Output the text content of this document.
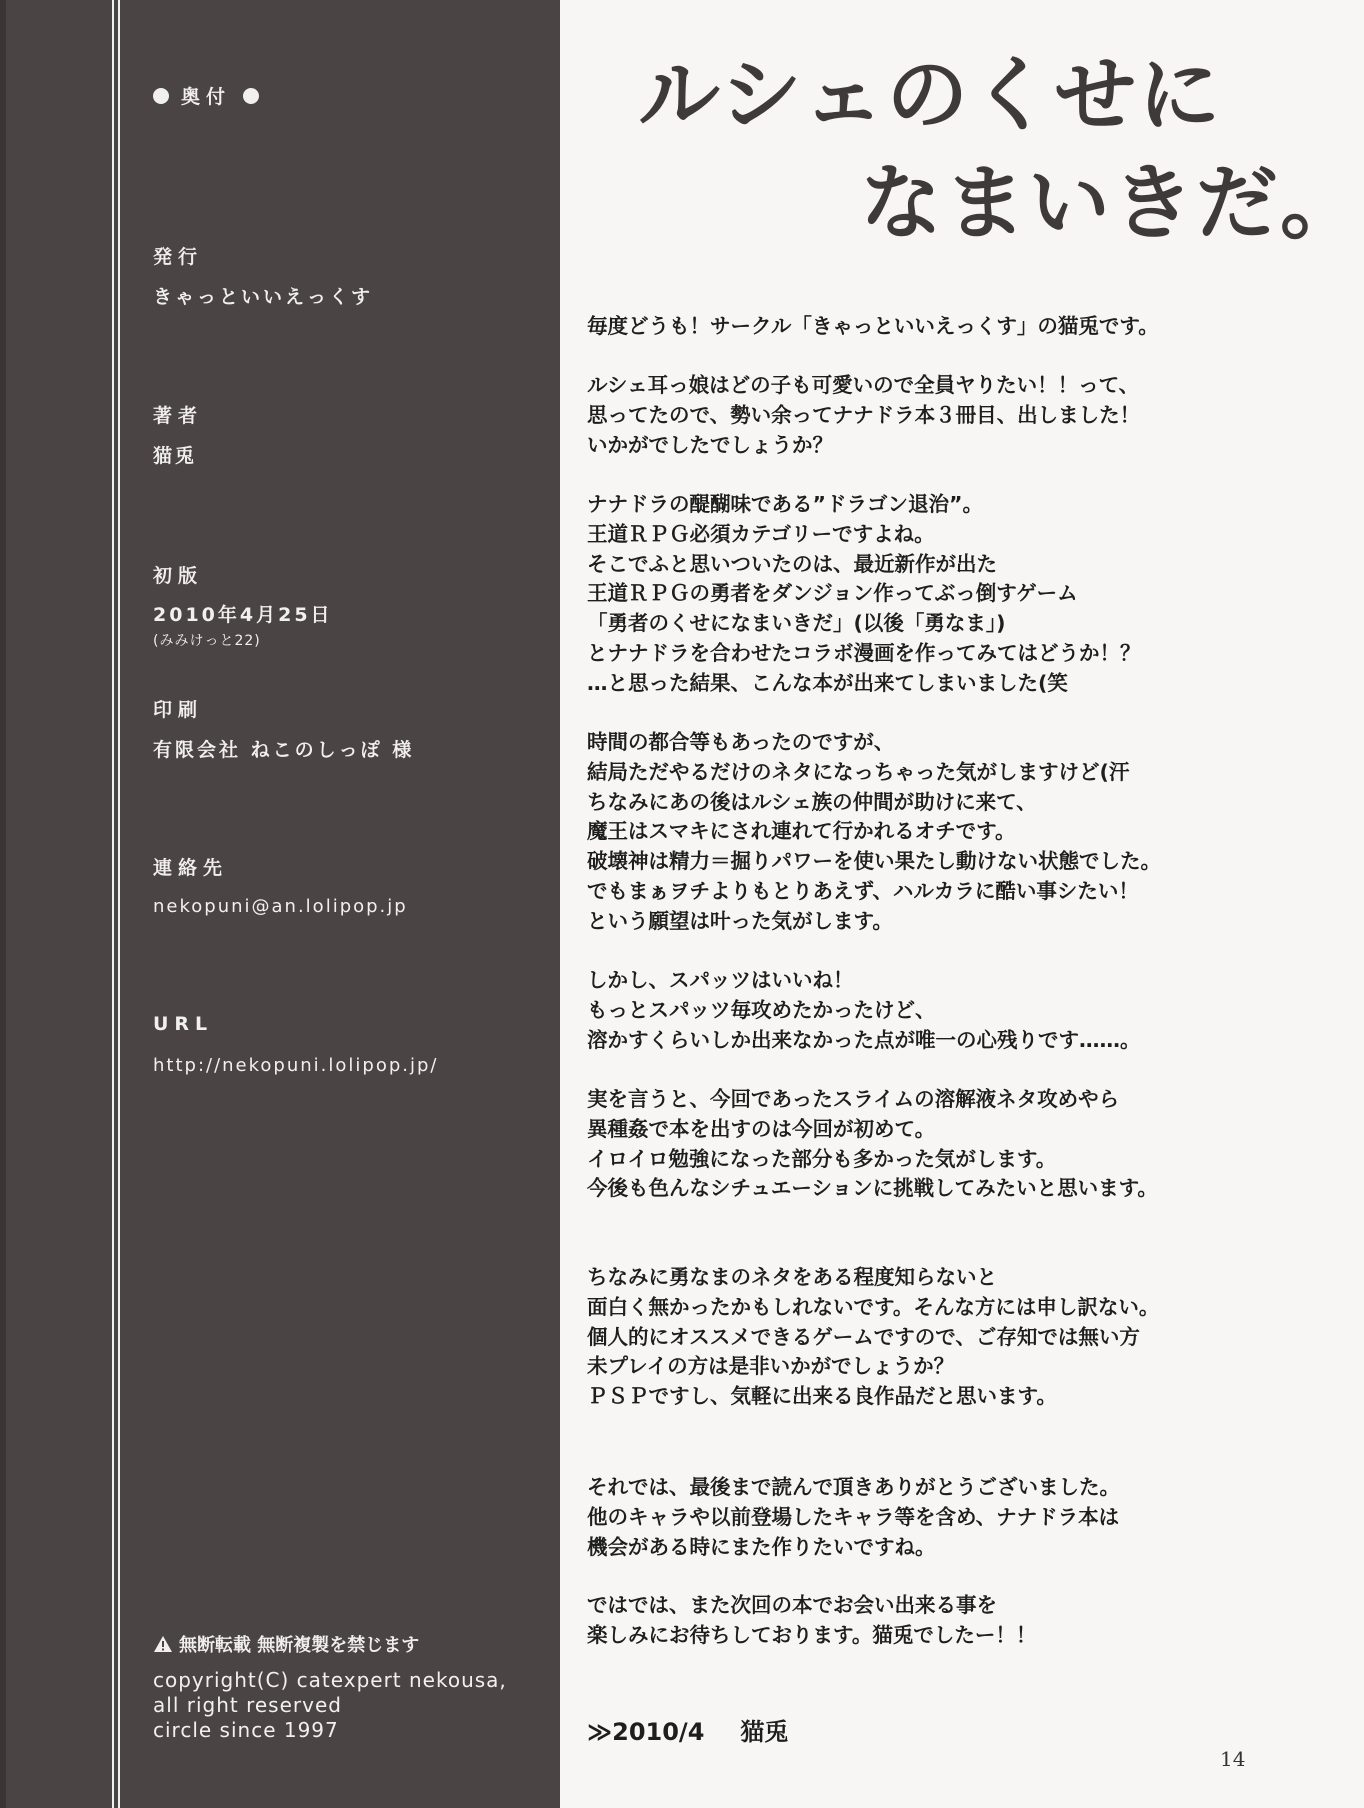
奥付
発行
きゃっといいえっくす
著者
猫兎
初版
2010年4月25日
(みみけっと22)
印刷
有限会社 ねこのしっぽ 様
連絡先
nekopuni@an.lolipop.jp
URL
http://nekopuni.lolipop.jp/
無断転載 無断複製を禁じます
copyright(C) catexpert nekousa,
all right reserved
circle since 1997
ルシェのくせに
なまいきだ。

毎度どうも！サークル「きゃっといいえっくす」の猫兎です。

ルシェ耳っ娘はどの子も可愛いので全員ヤりたい！！って、

思ってたので、勢い余ってナナドラ本３冊目、出しました！

いかがでしたでしょうか？

ナナドラの醍醐味である”ドラゴン退治”。

王道ＲＰＧ必須カテゴリーですよね。

そこでふと思いついたのは、最近新作が出た

王道ＲＰＧの勇者をダンジョン作ってぶっ倒すゲーム

「勇者のくせになまいきだ」(以後「勇なま」)

とナナドラを合わせたコラボ漫画を作ってみてはどうか！？

…と思った結果、こんな本が出来てしまいました(笑

時間の都合等もあったのですが、

結局ただやるだけのネタになっちゃった気がしますけど(汗

ちなみにあの後はルシェ族の仲間が助けに来て、

魔王はスマキにされ連れて行かれるオチです。

破壊神は精力＝掘りパワーを使い果たし動けない状態でした。

でもまぁヲチよりもとりあえず、ハルカラに酷い事シたい！

という願望は叶った気がします。

しかし、スパッツはいいね！

もっとスパッツ毎攻めたかったけど、

溶かすくらいしか出来なかった点が唯一の心残りです……。

実を言うと、今回であったスライムの溶解液ネタ攻めやら

異種姦で本を出すのは今回が初めて。

イロイロ勉強になった部分も多かった気がします。

今後も色んなシチュエーションに挑戦してみたいと思います。

ちなみに勇なまのネタをある程度知らないと

面白く無かったかもしれないです。そんな方には申し訳ない。

個人的にオススメできるゲームですので、ご存知では無い方

未プレイの方は是非いかがでしょうか？

ＰＳＰですし、気軽に出来る良作品だと思います。

それでは、最後まで読んで頂きありがとうございました。

他のキャラや以前登場したキャラ等を含め、ナナドラ本は

機会がある時にまた作りたいですね。

ではでは、また次回の本でお会い出来る事を

楽しみにお待ちしております。猫兎でしたー！！

≫2010/4 猫兎
14
